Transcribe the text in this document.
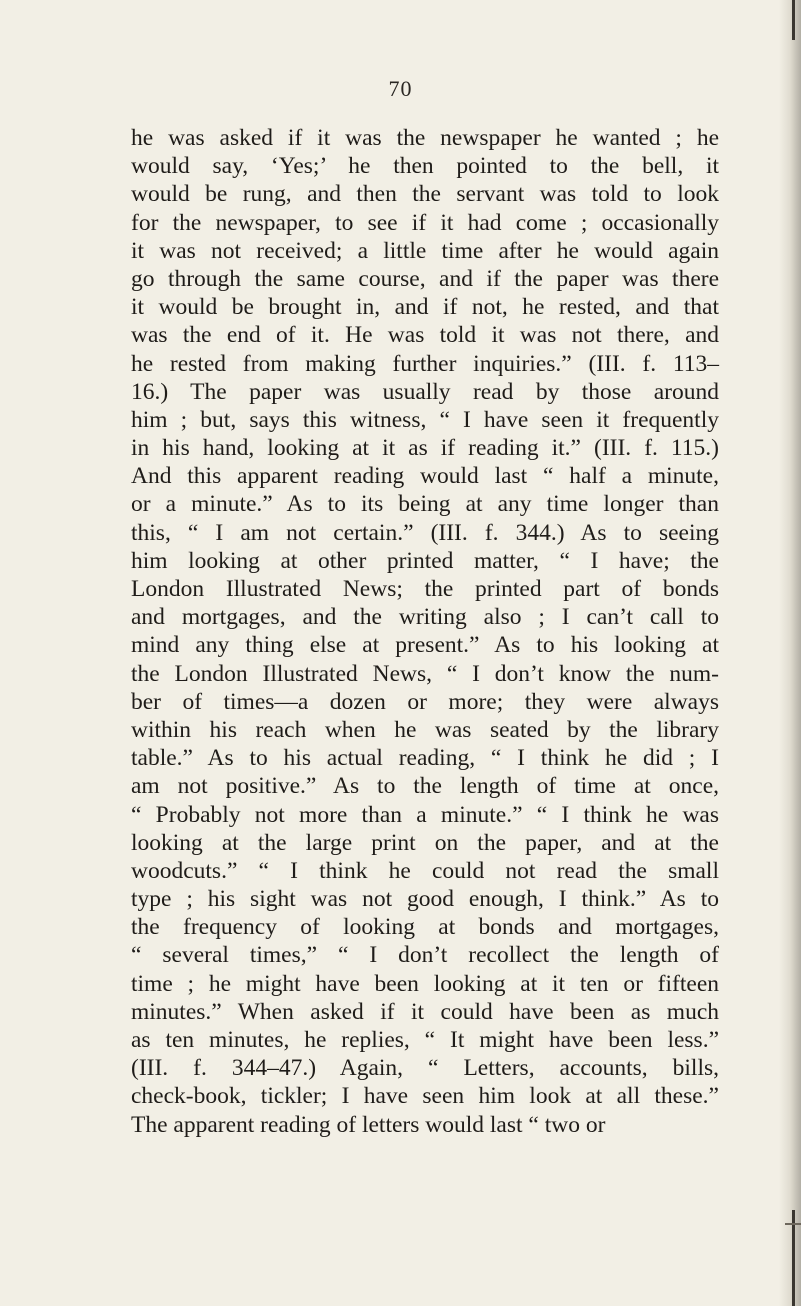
70
he was asked if it was the newspaper he wanted ; he
would say, ‘Yes;’ he then pointed to the bell, it
would be rung, and then the servant was told to look
for the newspaper, to see if it had come ; occasionally
it was not received; a little time after he would again
go through the same course, and if the paper was there
it would be brought in, and if not, he rested, and that
was the end of it. He was told it was not there, and
he rested from making further inquiries.” (III. f. 113–
16.) The paper was usually read by those around
him ; but, says this witness, “ I have seen it frequently
in his hand, looking at it as if reading it.” (III. f. 115.)
And this apparent reading would last “ half a minute,
or a minute.” As to its being at any time longer than
this, “ I am not certain.” (III. f. 344.) As to seeing
him looking at other printed matter, “ I have; the
London Illustrated News; the printed part of bonds
and mortgages, and the writing also ; I can’t call to
mind any thing else at present.” As to his looking at
the London Illustrated News, “ I don’t know the num-
ber of times—a dozen or more; they were always
within his reach when he was seated by the library
table.” As to his actual reading, “ I think he did ; I
am not positive.” As to the length of time at once,
“ Probably not more than a minute.” “ I think he was
looking at the large print on the paper, and at the
woodcuts.” “ I think he could not read the small
type ; his sight was not good enough, I think.” As to
the frequency of looking at bonds and mortgages,
“ several times,” “ I don’t recollect the length of
time ; he might have been looking at it ten or fifteen
minutes.” When asked if it could have been as much
as ten minutes, he replies, “ It might have been less.”
(III. f. 344–47.) Again, “ Letters, accounts, bills,
check-book, tickler; I have seen him look at all these.”
The apparent reading of letters would last “ two or
